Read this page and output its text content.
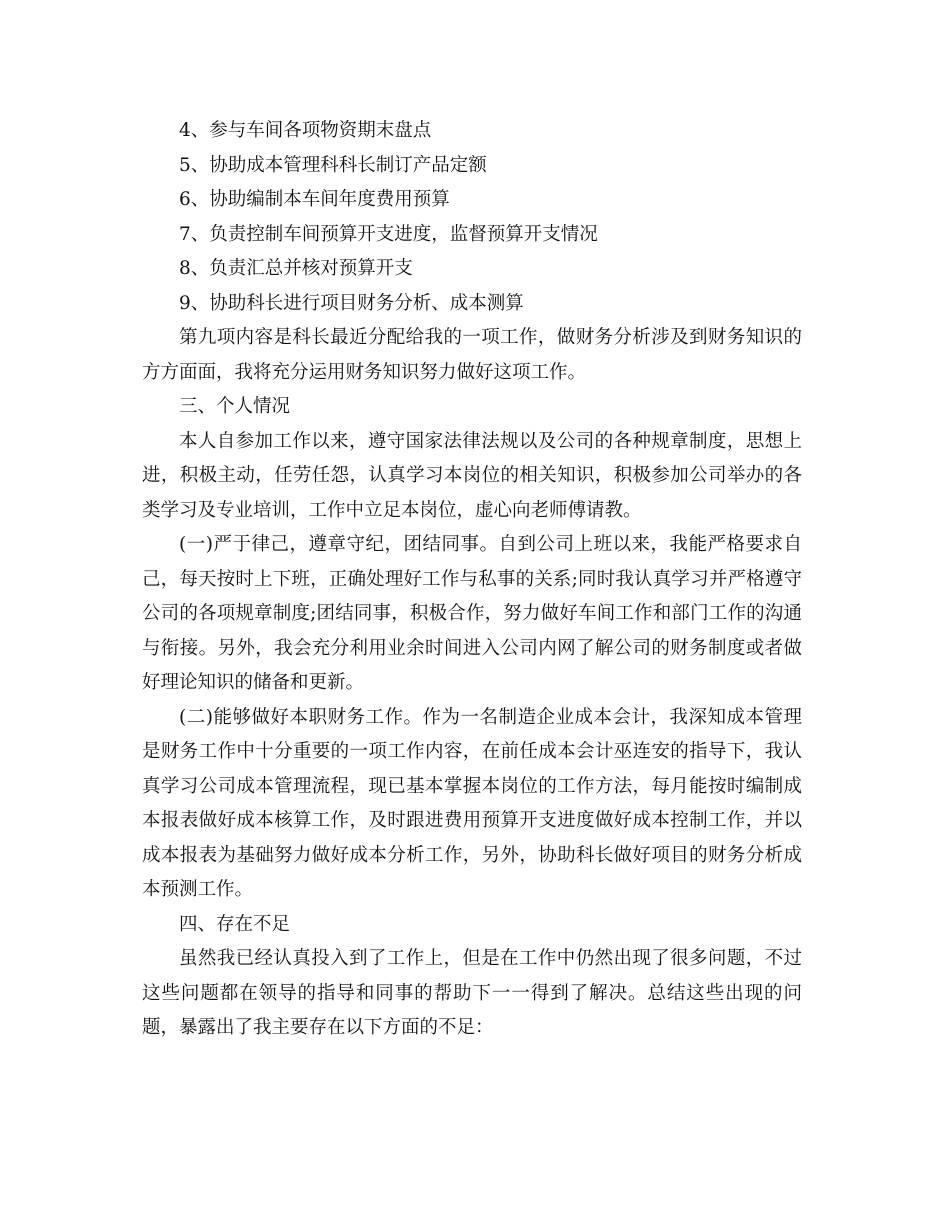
4、参与车间各项物资期末盘点

5、协助成本管理科科长制订产品定额

6、协助编制本车间年度费用预算

7、负责控制车间预算开支进度，监督预算开支情况

8、负责汇总并核对预算开支

9、协助科长进行项目财务分析、成本测算

第九项内容是科长最近分配给我的一项工作，做财务分析涉及到财务知识的方方面面，我将充分运用财务知识努力做好这项工作。

三、个人情况

本人自参加工作以来，遵守国家法律法规以及公司的各种规章制度，思想上进，积极主动，任劳任怨，认真学习本岗位的相关知识，积极参加公司举办的各类学习及专业培训，工作中立足本岗位，虚心向老师傅请教。

(一)严于律己，遵章守纪，团结同事。自到公司上班以来，我能严格要求自己，每天按时上下班，正确处理好工作与私事的关系;同时我认真学习并严格遵守公司的各项规章制度;团结同事，积极合作，努力做好车间工作和部门工作的沟通与衔接。另外，我会充分利用业余时间进入公司内网了解公司的财务制度或者做好理论知识的储备和更新。

(二)能够做好本职财务工作。作为一名制造企业成本会计，我深知成本管理是财务工作中十分重要的一项工作内容，在前任成本会计巫连安的指导下，我认真学习公司成本管理流程，现已基本掌握本岗位的工作方法，每月能按时编制成本报表做好成本核算工作，及时跟进费用预算开支进度做好成本控制工作，并以成本报表为基础努力做好成本分析工作，另外，协助科长做好项目的财务分析成本预测工作。

四、存在不足

虽然我已经认真投入到了工作上，但是在工作中仍然出现了很多问题，不过这些问题都在领导的指导和同事的帮助下一一得到了解决。总结这些出现的问题，暴露出了我主要存在以下方面的不足：
